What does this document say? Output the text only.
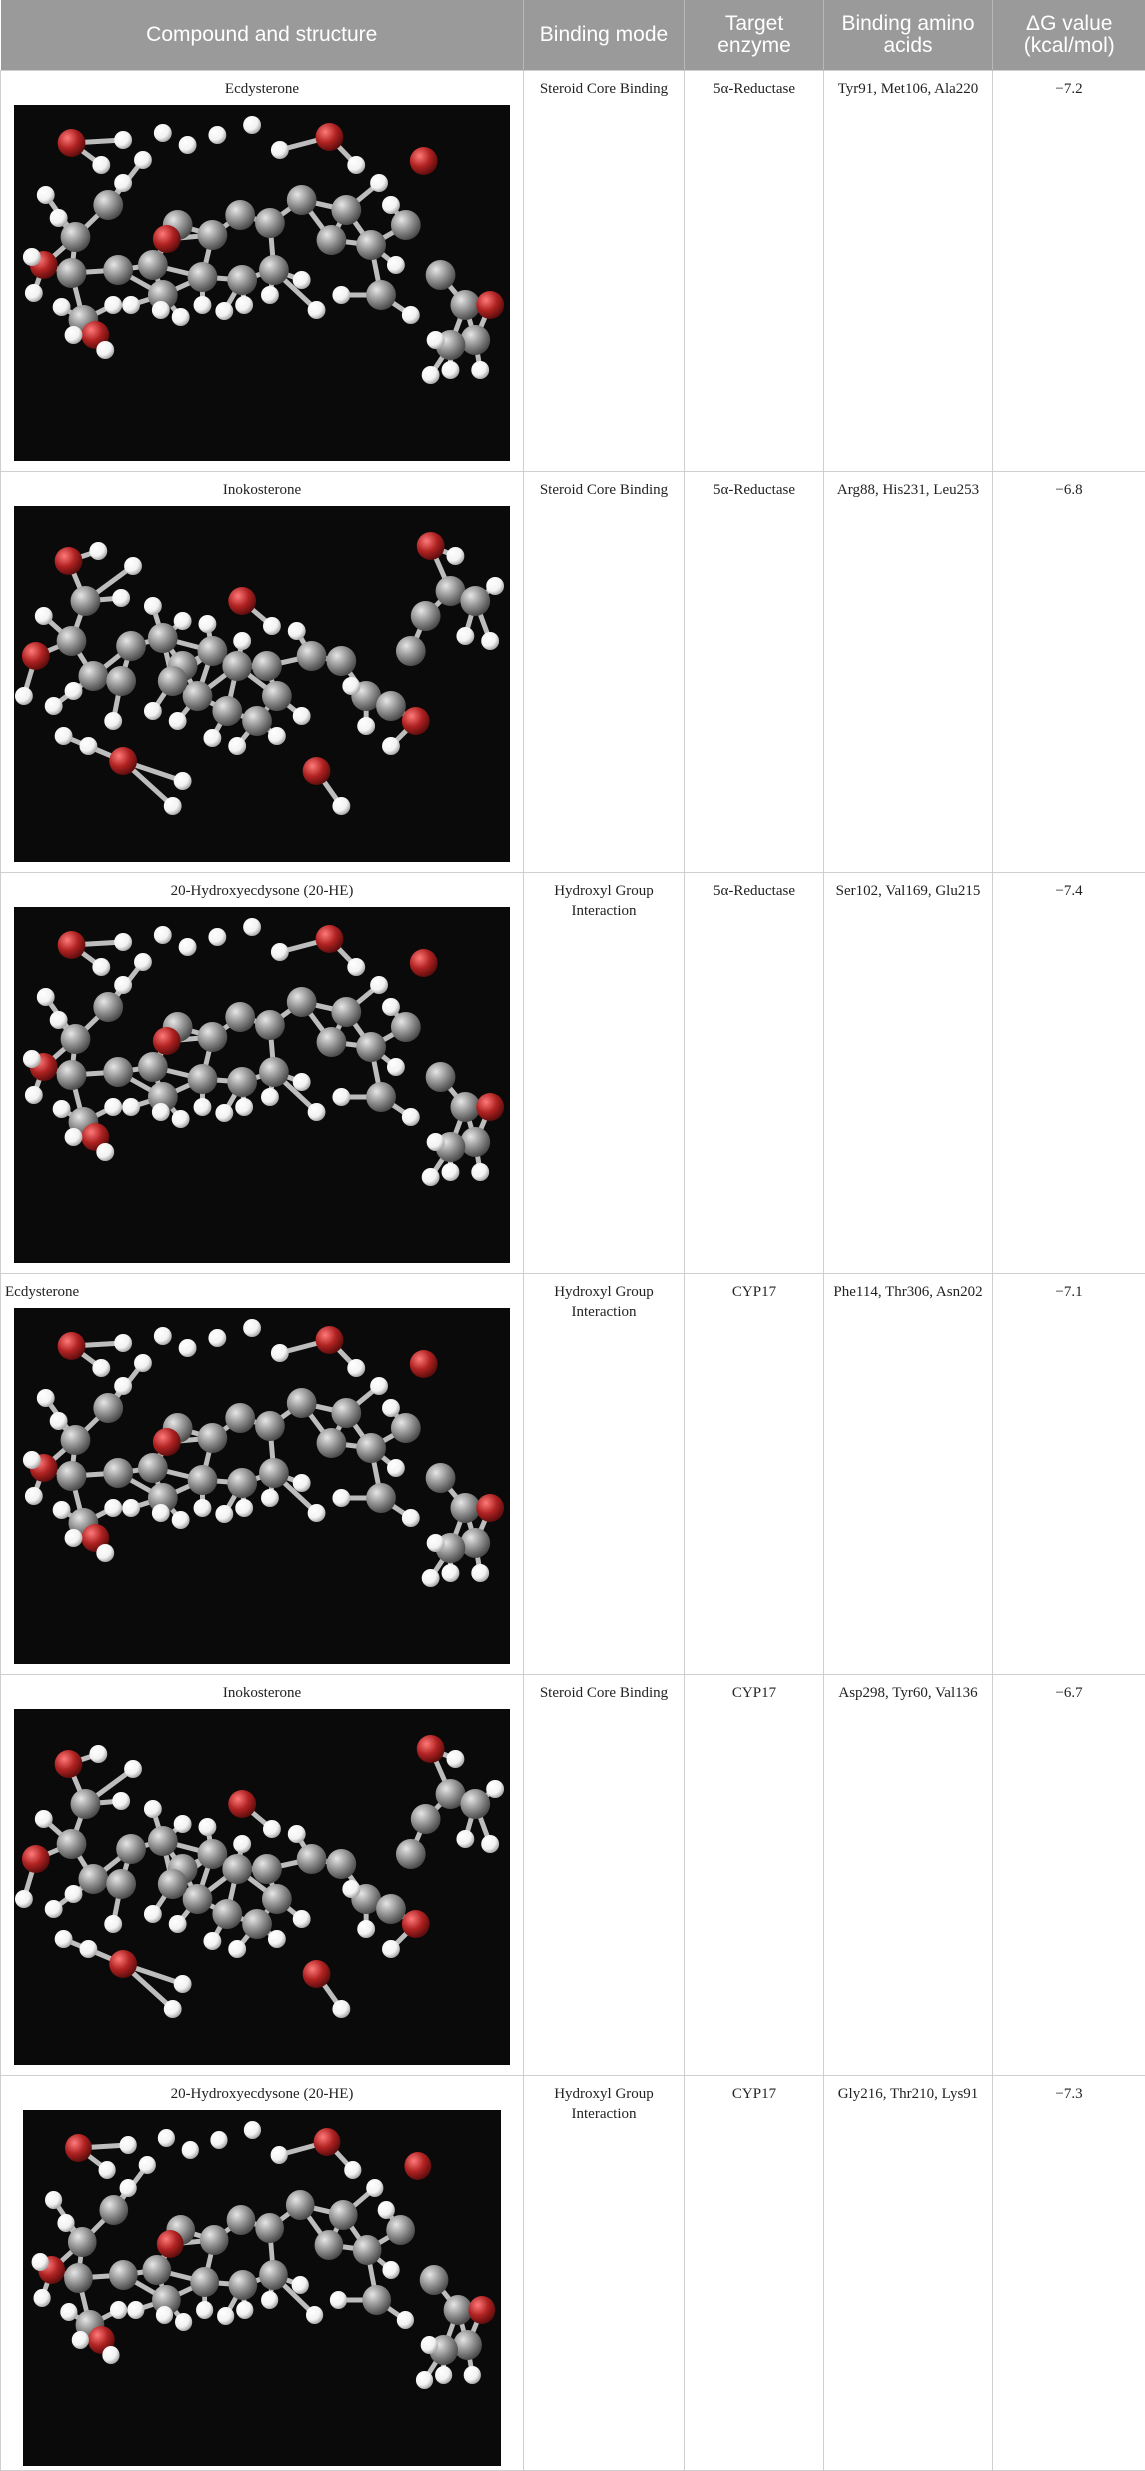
Compound and structure	Binding mode	Target enzyme	Binding amino acids	ΔG value (kcal/mol)

Ecdysterone	Steroid Core Binding	5α-Reductase	Tyr91, Met106, Ala220	−7.2

Inokosterone	Steroid Core Binding	5α-Reductase	Arg88, His231, Leu253	−6.8

20-Hydroxyecdysone (20-HE)	Hydroxyl Group Interaction	5α-Reductase	Ser102, Val169, Glu215	−7.4

Ecdysterone	Hydroxyl Group Interaction	CYP17	Phe114, Thr306, Asn202	−7.1

Inokosterone	Steroid Core Binding	CYP17	Asp298, Tyr60, Val136	−6.7

20-Hydroxyecdysone (20-HE)	Hydroxyl Group Interaction	CYP17	Gly216, Thr210, Lys91	−7.3
